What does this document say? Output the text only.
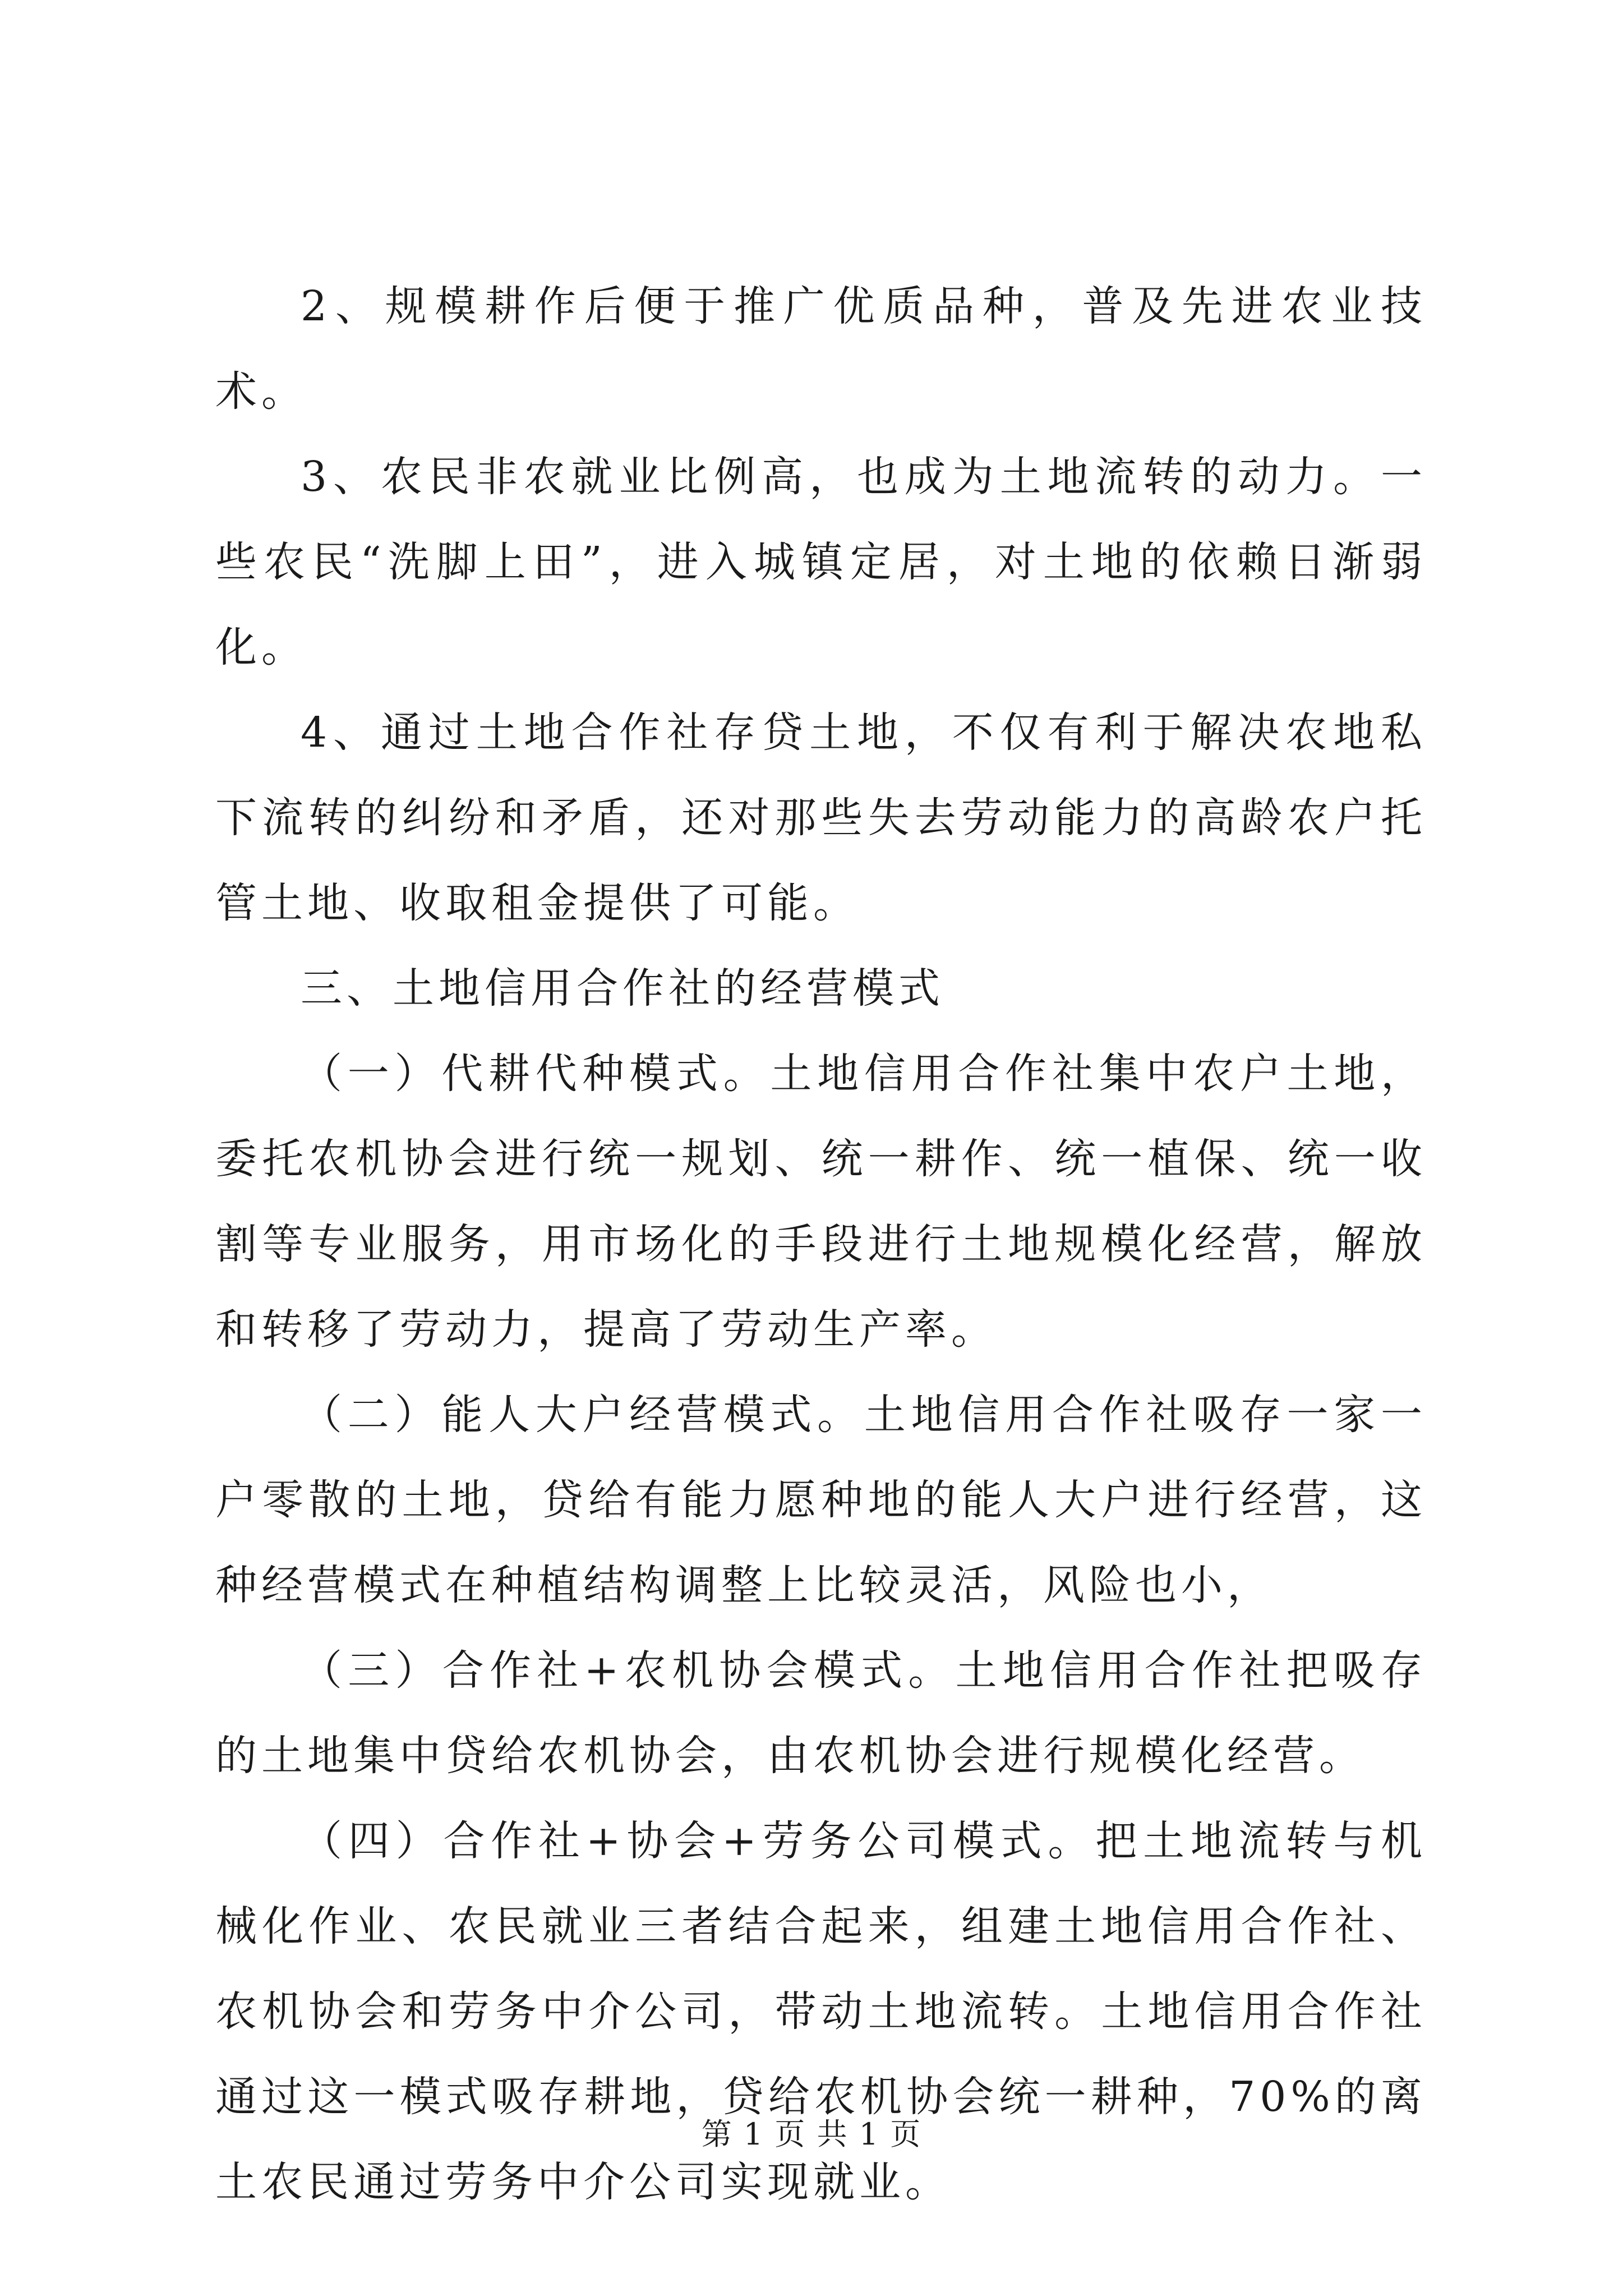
2、规模耕作后便于推广优质品种，普及先进农业技术。

3、农民非农就业比例高，也成为土地流转的动力。一些农民“洗脚上田”，进入城镇定居，对土地的依赖日渐弱化。

4、通过土地合作社存贷土地，不仅有利于解决农地私下流转的纠纷和矛盾，还对那些失去劳动能力的高龄农户托管土地、收取租金提供了可能。

三、土地信用合作社的经营模式

（一）代耕代种模式。土地信用合作社集中农户土地，委托农机协会进行统一规划、统一耕作、统一植保、统一收割等专业服务，用市场化的手段进行土地规模化经营，解放和转移了劳动力，提高了劳动生产率。

（二）能人大户经营模式。土地信用合作社吸存一家一户零散的土地，贷给有能力愿种地的能人大户进行经营，这种经营模式在种植结构调整上比较灵活，风险也小，

（三）合作社+农机协会模式。土地信用合作社把吸存的土地集中贷给农机协会，由农机协会进行规模化经营。

（四）合作社+协会+劳务公司模式。把土地流转与机械化作业、农民就业三者结合起来，组建土地信用合作社、农机协会和劳务中介公司，带动土地流转。土地信用合作社通过这一模式吸存耕地，贷给农机协会统一耕种，70%的离土农民通过劳务中介公司实现就业。

第 1 页 共 1 页
